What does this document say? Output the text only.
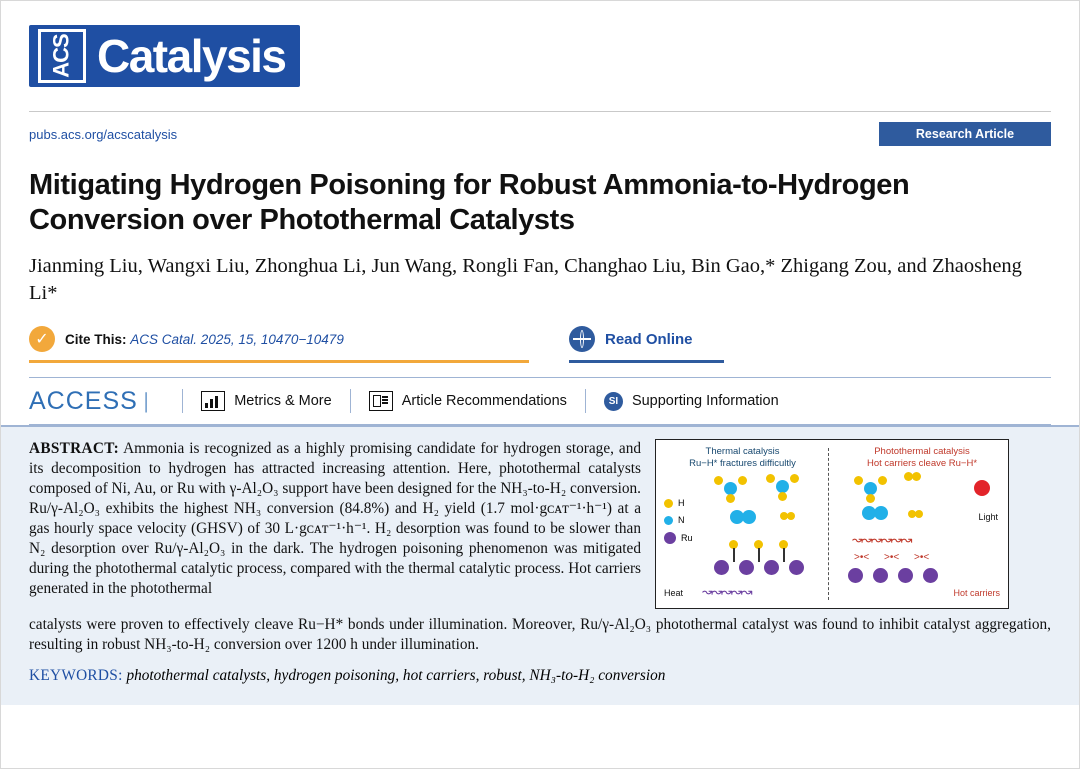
ACS Catalysis
pubs.acs.org/acscatalysis	Research Article
Mitigating Hydrogen Poisoning for Robust Ammonia-to-Hydrogen Conversion over Photothermal Catalysts
Jianming Liu, Wangxi Liu, Zhonghua Li, Jun Wang, Rongli Fan, Changhao Liu, Bin Gao,* Zhigang Zou, and Zhaosheng Li*
✓	Cite This: ACS Catal. 2025, 15, 10470−10479	Read Online
ACCESS |	Metrics & More	Article Recommendations	SI Supporting Information
ABSTRACT: Ammonia is recognized as a highly promising candidate for hydrogen storage, and its decomposition to hydrogen has attracted increasing attention. Here, photothermal catalysts composed of Ni, Au, or Ru with γ-Al₂O₃ support have been designed for the NH₃-to-H₂ conversion. Ru/γ-Al₂O₃ exhibits the highest NH₃ conversion (84.8%) and H₂ yield (1.7 mol·gᴄᴀᴛ⁻¹·h⁻¹) at a gas hourly space velocity (GHSV) of 30 L·gᴄᴀᴛ⁻¹·h⁻¹. H₂ desorption was found to be slower than N₂ desorption over Ru/γ-Al₂O₃ in the dark. The hydrogen poisoning phenomenon was mitigated during the photothermal catalytic process, compared with the thermal catalytic process. Hot carriers generated in the photothermal
Thermal catalysis
Ru−H* fractures difficultly
Photothermal catalysis
Hot carriers cleave Ru−H*
H
N
Ru
↝↝↝↝↝
Heat
Light
↝↝↝↝↝↝
>•< >•< >•<
Hot carriers
catalysts were proven to effectively cleave Ru−H* bonds under illumination. Moreover, Ru/γ-Al₂O₃ photothermal catalyst was found to inhibit catalyst aggregation, resulting in robust NH₃-to-H₂ conversion over 1200 h under illumination.
KEYWORDS: photothermal catalysts, hydrogen poisoning, hot carriers, robust, NH₃-to-H₂ conversion
